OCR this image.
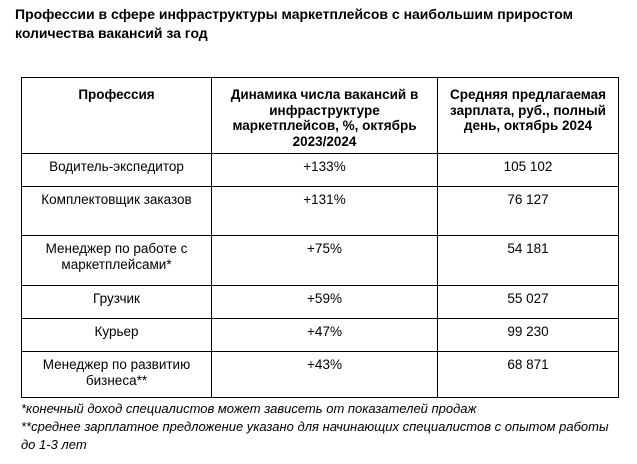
Профессии в сфере инфраструктуры маркетплейсов с наибольшим приростом количества вакансий за год
Профессия	Динамика числа вакансий в инфраструктуре маркетплейсов, %, октябрь 2023/2024	Средняя предлагаемая зарплата, руб., полный день, октябрь 2024
Водитель-экспедитор	+133%	105 102
Комплектовщик заказов	+131%	76 127
Менеджер по работе с маркетплейсами*	+75%	54 181
Грузчик	+59%	55 027
Курьер	+47%	99 230
Менеджер по развитию бизнеса**	+43%	68 871

*конечный доход специалистов может зависеть от показателей продаж

**среднее зарплатное предложение указано для начинающих специалистов с опытом работы до 1-3 лет
